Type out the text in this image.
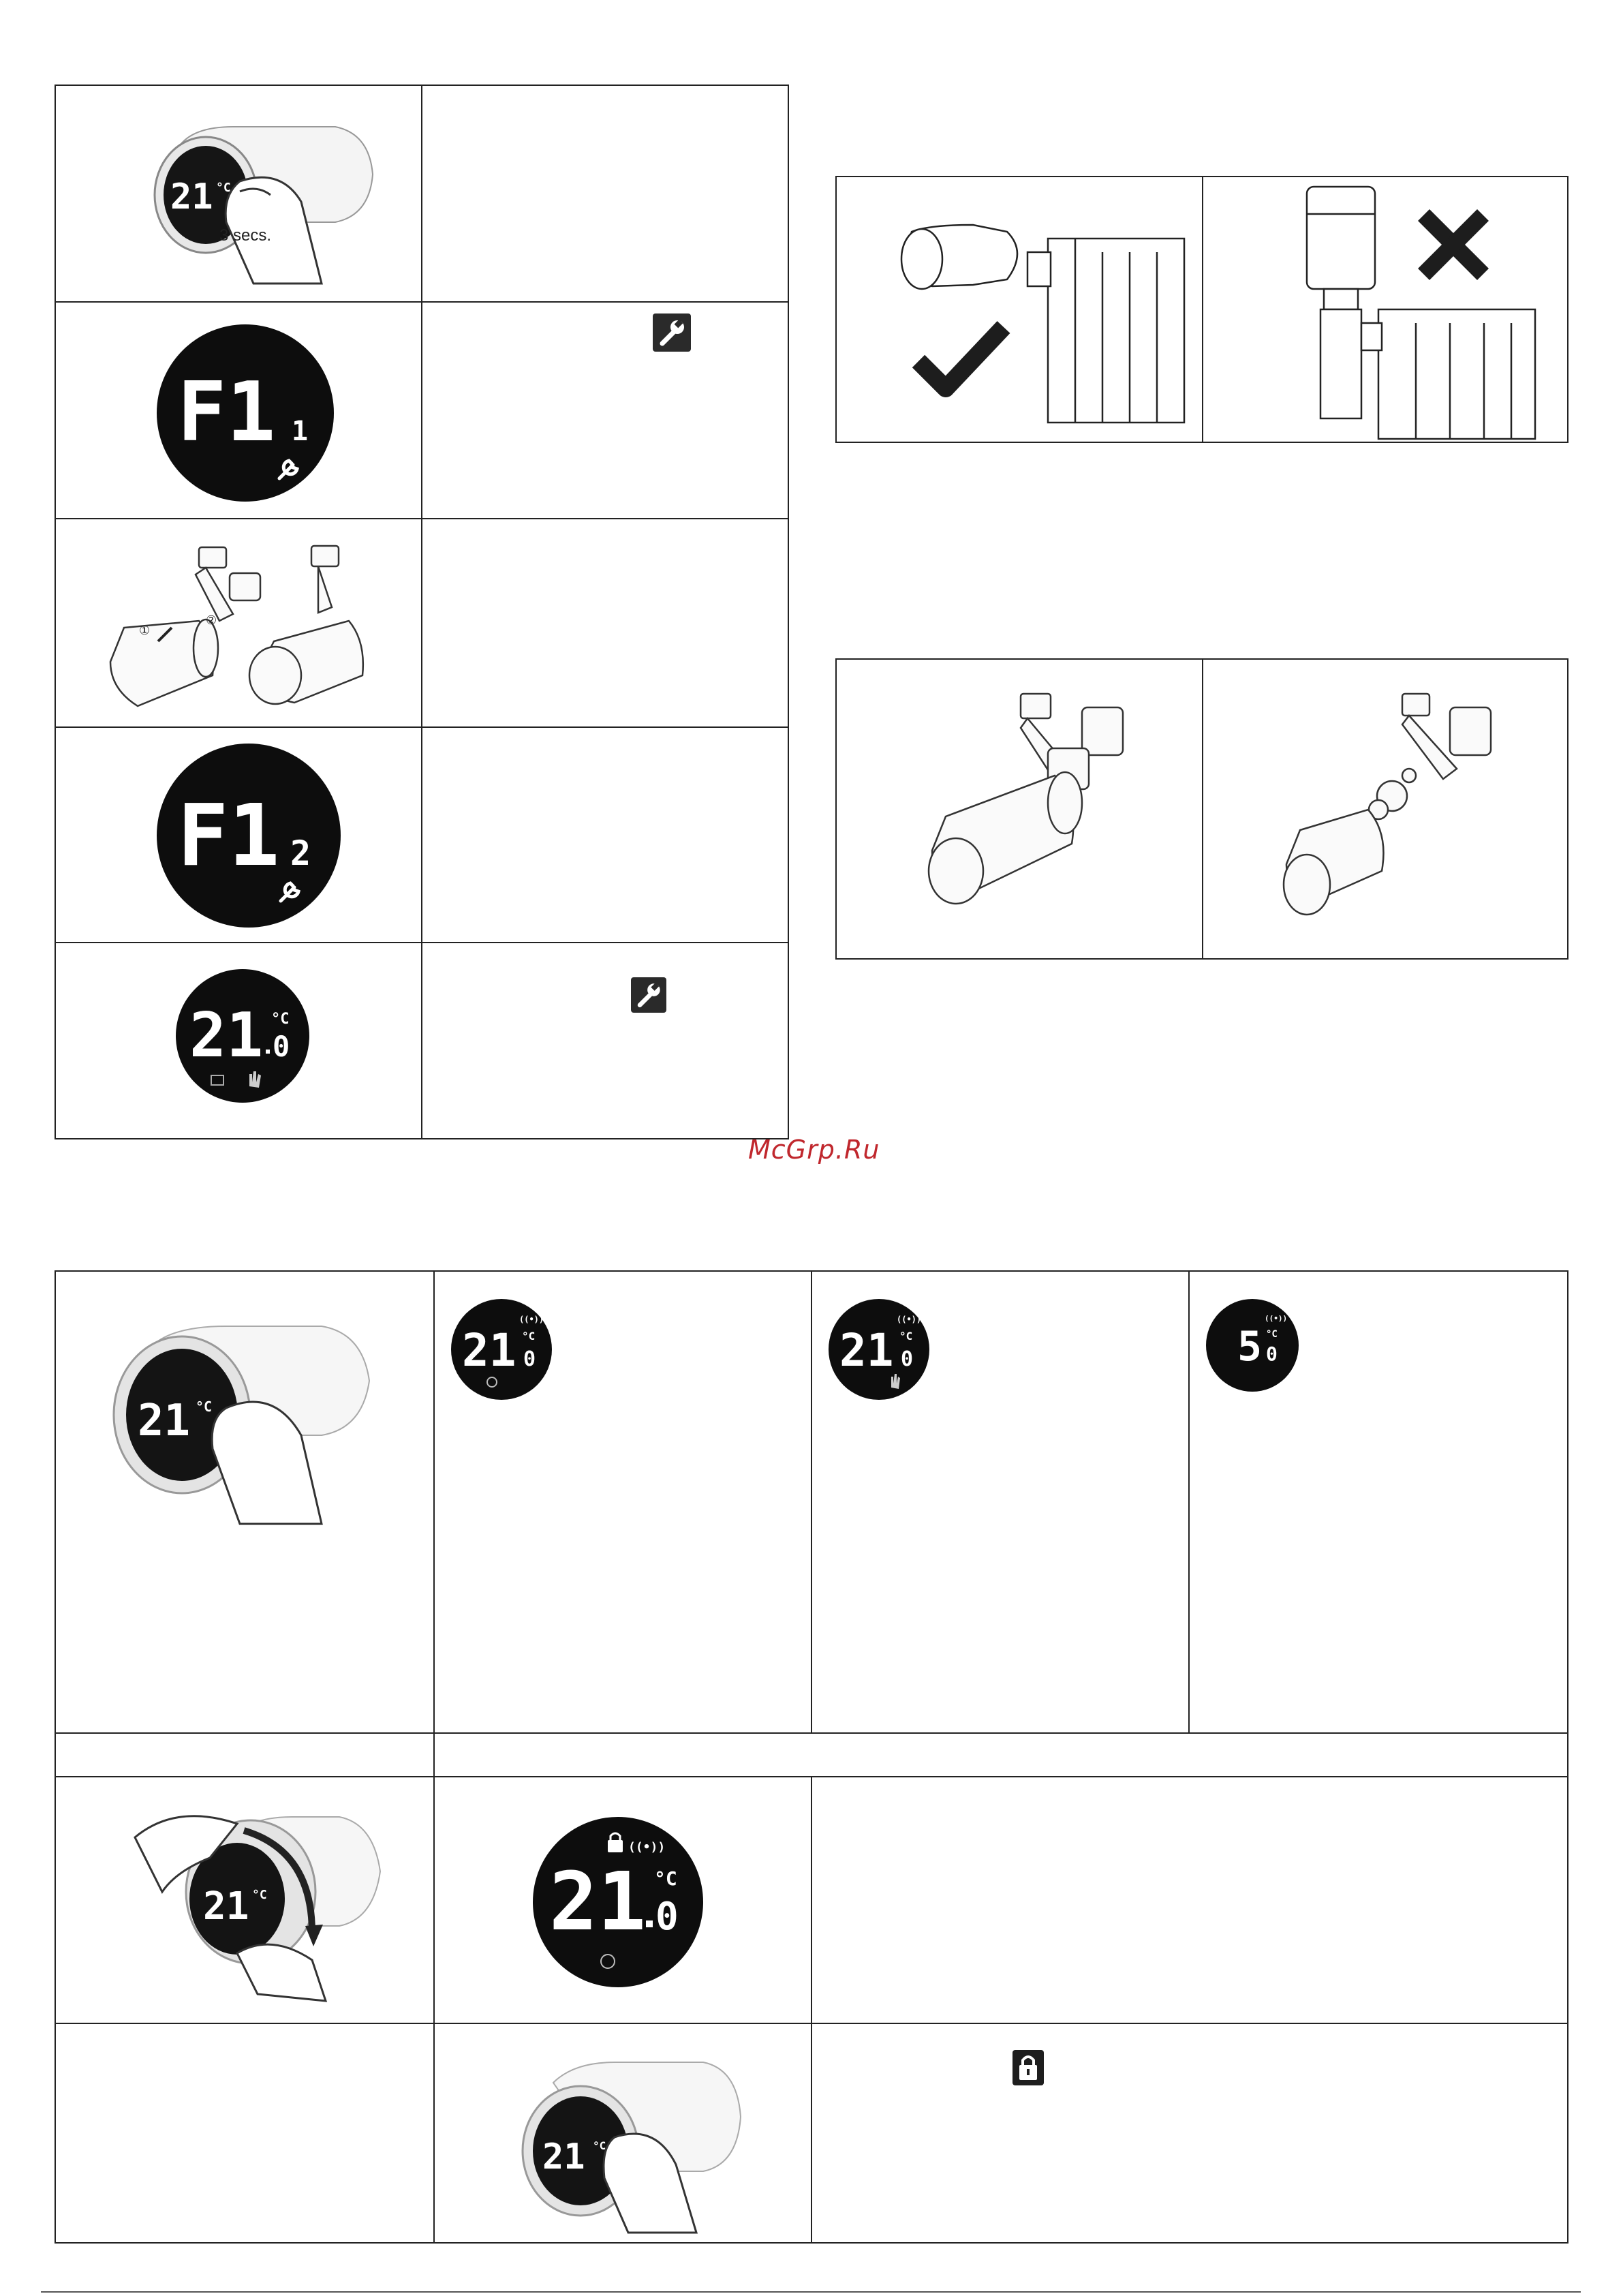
21 °C
3 secs.
F1 1
①
②
F1 2
21 °C
0
McGrp.Ru
21 °C
21 0
°C
((•))
21 0
°C
((•))
5 0
°C
((•))
21 °C
((•))
21 °C
0
21 °C
